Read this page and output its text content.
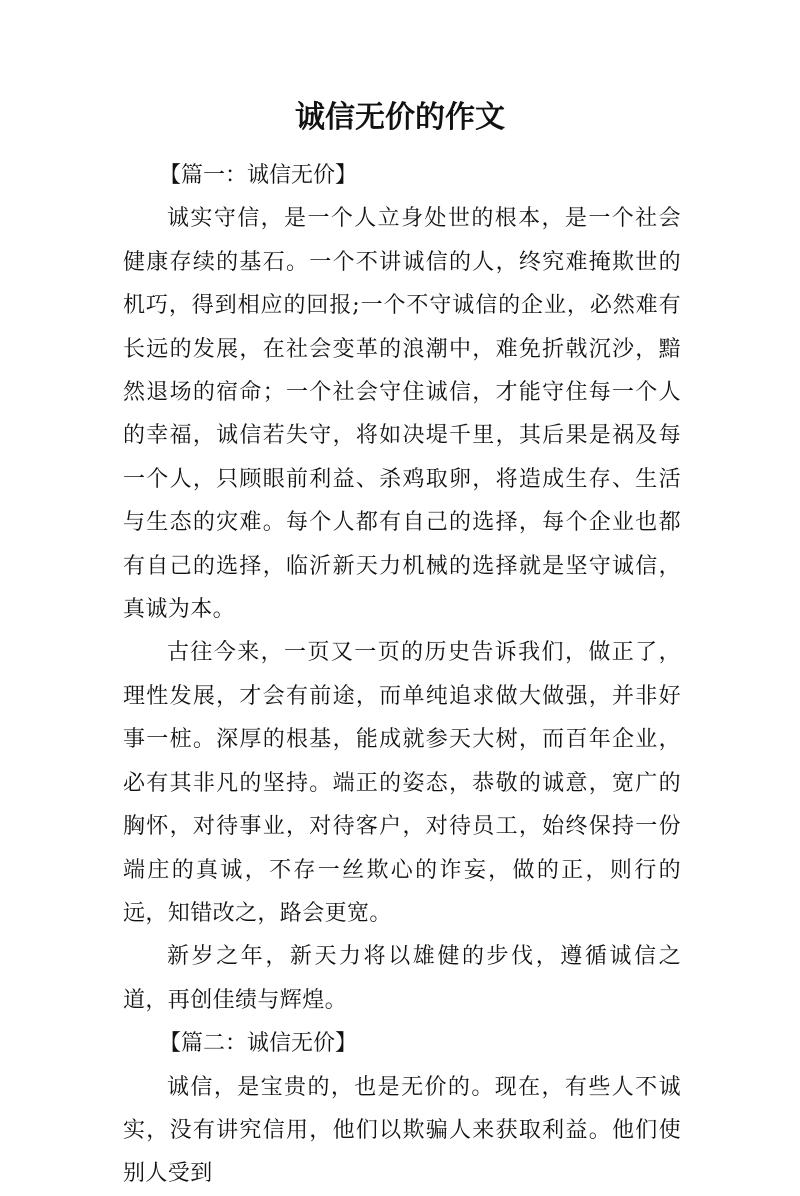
诚信无价的作文
【篇一：诚信无价】

诚实守信，是一个人立身处世的根本，是一个社会健康存续的基石。一个不讲诚信的人，终究难掩欺世的机巧，得到相应的回报;一个不守诚信的企业，必然难有长远的发展，在社会变革的浪潮中，难免折戟沉沙，黯然退场的宿命；一个社会守住诚信，才能守住每一个人的幸福，诚信若失守，将如决堤千里，其后果是祸及每一个人，只顾眼前利益、杀鸡取卵，将造成生存、生活与生态的灾难。每个人都有自己的选择，每个企业也都有自己的选择，临沂新天力机械的选择就是坚守诚信，真诚为本。

古往今来，一页又一页的历史告诉我们，做正了，理性发展，才会有前途，而单纯追求做大做强，并非好事一桩。深厚的根基，能成就参天大树，而百年企业，必有其非凡的坚持。端正的姿态，恭敬的诚意，宽广的胸怀，对待事业，对待客户，对待员工，始终保持一份端庄的真诚，不存一丝欺心的诈妄，做的正，则行的远，知错改之，路会更宽。

新岁之年，新天力将以雄健的步伐，遵循诚信之道，再创佳绩与辉煌。

【篇二：诚信无价】

诚信，是宝贵的，也是无价的。现在，有些人不诚实，没有讲究信用，他们以欺骗人来获取利益。他们使别人受到
